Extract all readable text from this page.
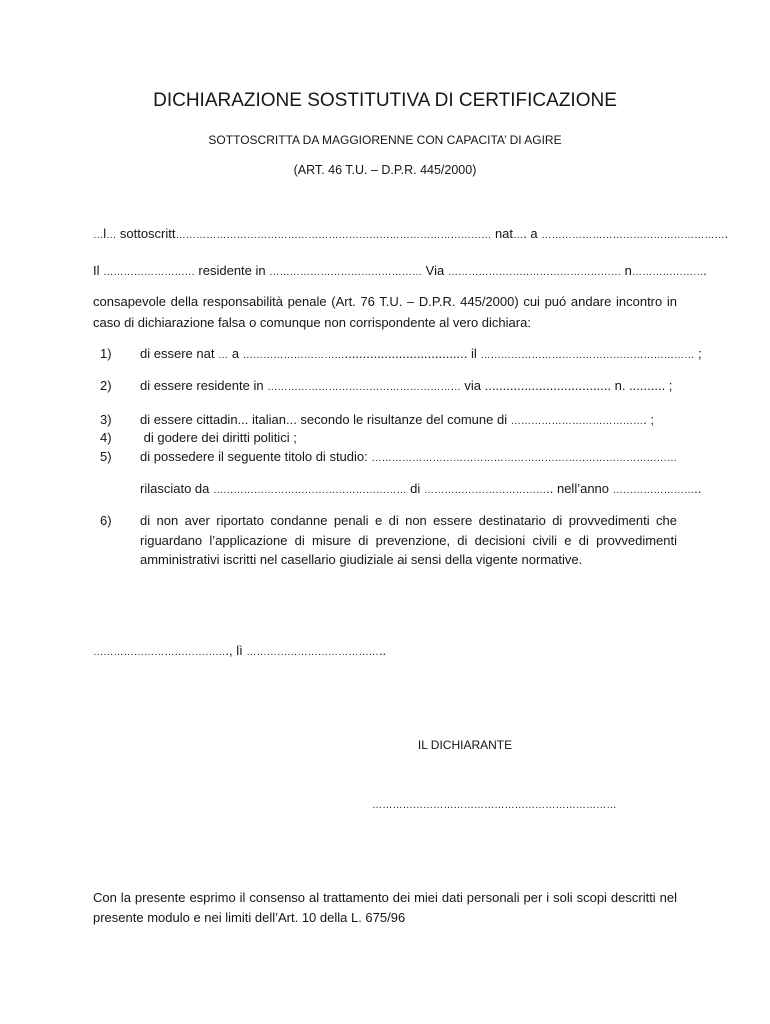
DICHIARAZIONE SOSTITUTIVA DI CERTIFICAZIONE
SOTTOSCRITTA DA MAGGIORENNE CON CAPACITA’ DI AGIRE
(ART. 46 T.U. – D.P.R. 445/2000)
…l… sottoscritt………………………………………………………………………………… nat…. a ……………………………………………….
Il ……………………… residente in ……………………………………… Via …………………………………………… n………………….
consapevole della responsabilità penale (Art. 76 T.U. – D.P.R. 445/2000) cui puó andare incontro in
caso di dichiarazione falsa o comunque non corrispondente al vero dichiara:
1) di essere nat … a ………………………….................................. il ……………………………………………………… ;
2) di essere residente in ………………………………………………… via ................................... n. .......... ;
3) di essere cittadin... italian... secondo le risultanze del comune di …………………………………. ;
4) di godere dei diritti politici ;
5) di possedere il seguente titolo di studio: ………………………………………………………………………………
rilasciato da ………………………………………………… di ……………………………….. nell’anno ……………………..
6) di non aver riportato condanne penali e di non essere destinatario di provvedimenti che
riguardano l’applicazione di misure di prevenzione, di decisioni civili e di provvedimenti
amministrativi iscritti nel casellario giudiziale ai sensi della vigente normative.
…………………………………., lì …………………………………..
IL DICHIARANTE
………………………………………………………………
Con la presente esprimo il consenso al trattamento dei miei dati personali per i soli scopi descritti nel
presente modulo e nei limiti dell’Art. 10 della L. 675/96
